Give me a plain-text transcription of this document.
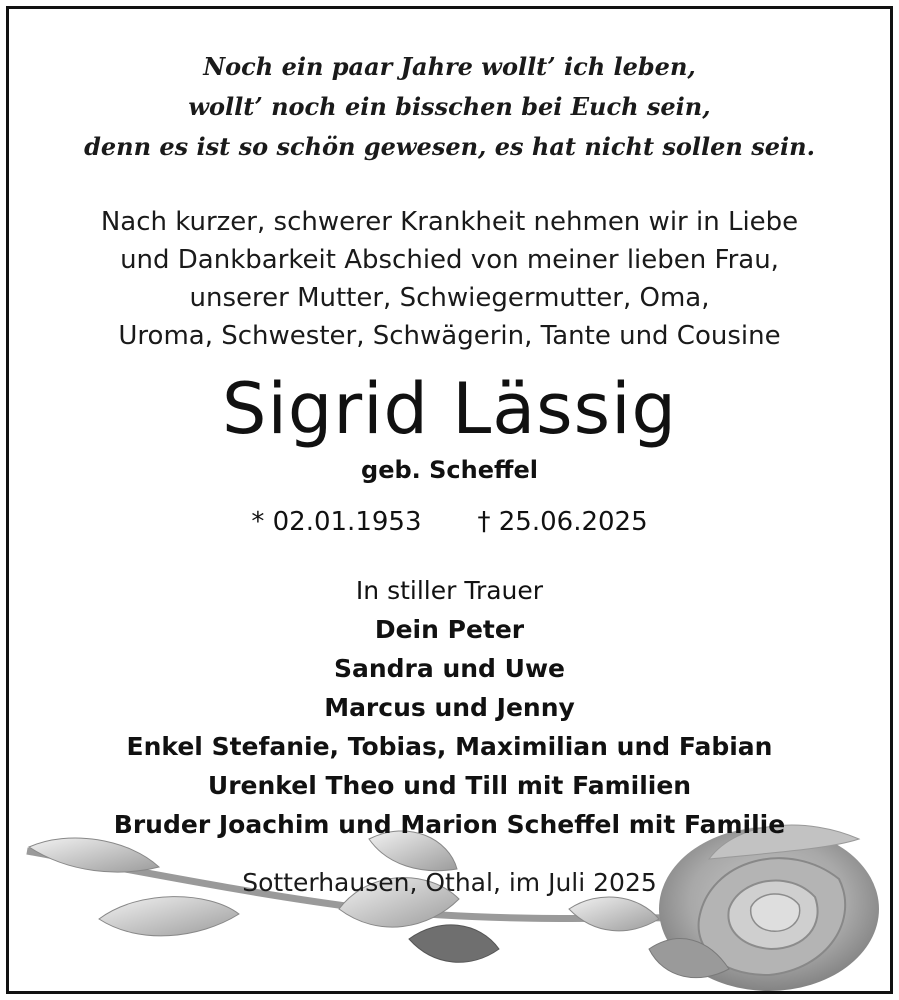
Noch ein paar Jahre wollt’ ich leben,
wollt’ noch ein bisschen bei Euch sein,
denn es ist so schön gewesen, es hat nicht sollen sein.
Nach kurzer, schwerer Krankheit nehmen wir in Liebe
und Dankbarkeit Abschied von meiner lieben Frau,
unserer Mutter, Schwiegermutter, Oma,
Uroma, Schwester, Schwägerin, Tante und Cousine
Sigrid Lässig
geb. Scheffel
* 02.01.1953 † 25.06.2025
In stiller Trauer
Dein Peter
Sandra und Uwe
Marcus und Jenny
Enkel Stefanie, Tobias, Maximilian und Fabian
Urenkel Theo und Till mit Familien
Bruder Joachim und Marion Scheffel mit Familie
Sotterhausen, Othal, im Juli 2025
